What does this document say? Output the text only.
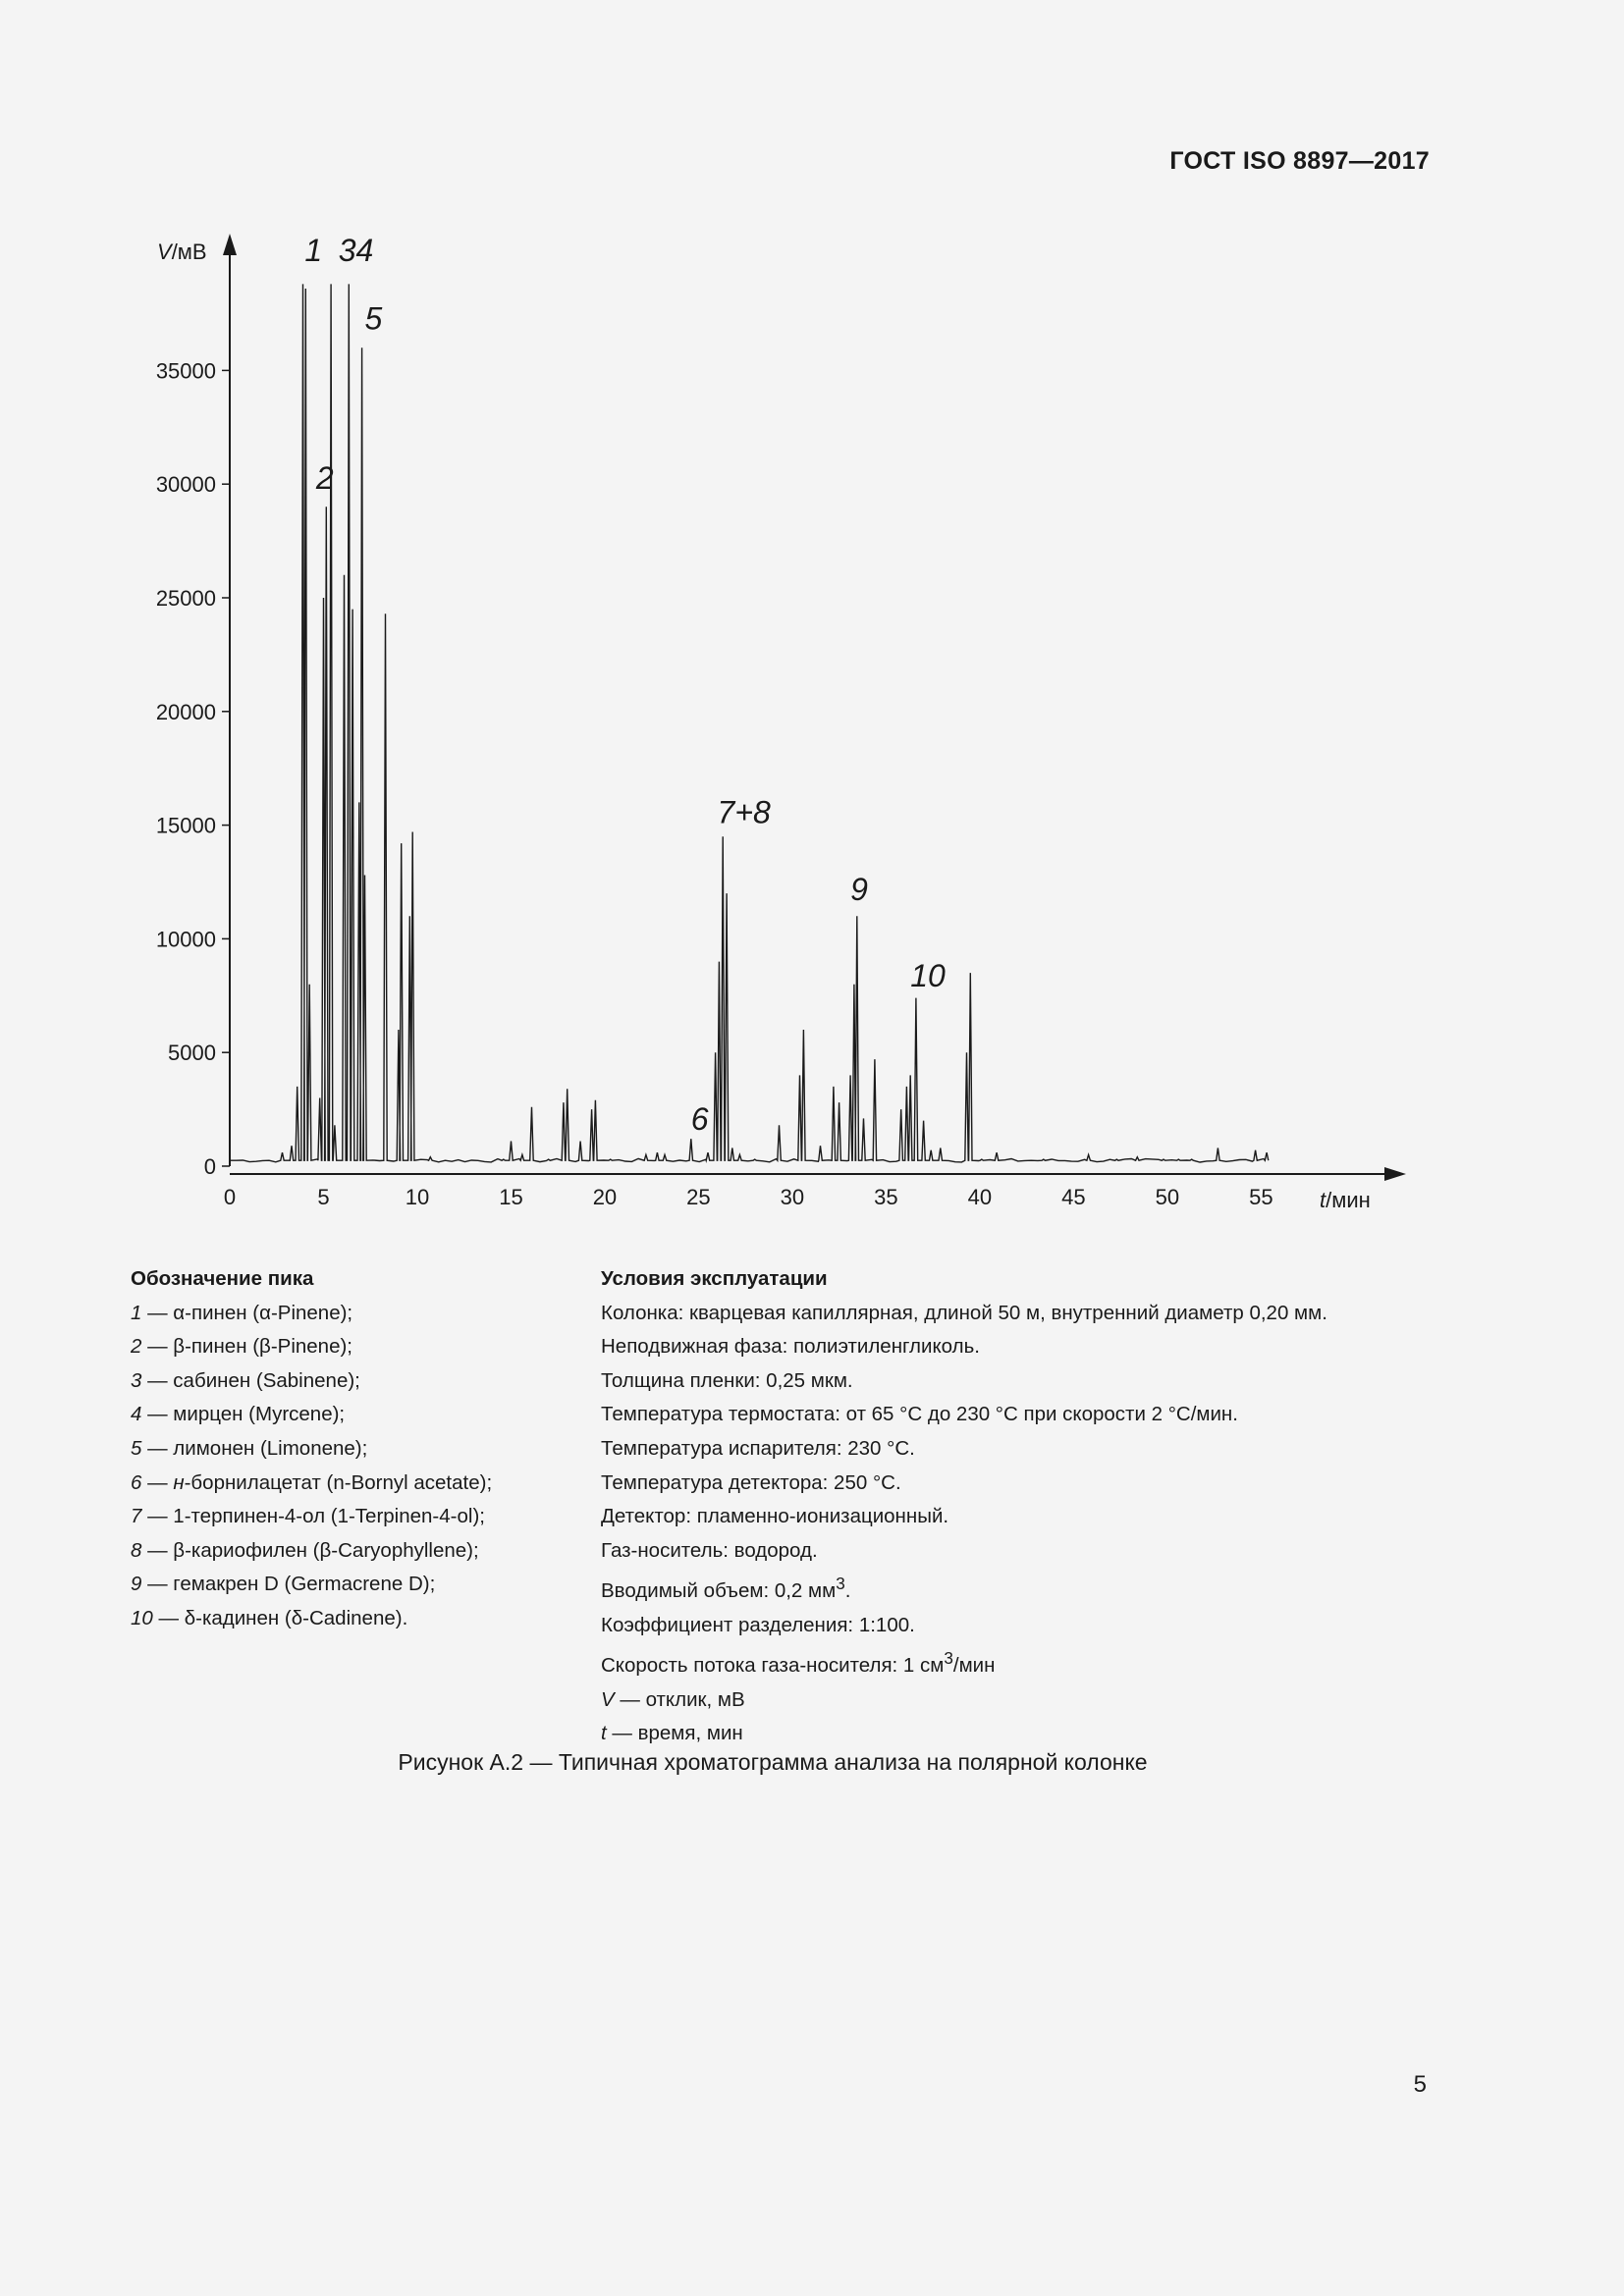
ГОСТ ISO 8897—2017
V/мВ
t/мин
0
5000
10000
15000
20000
25000
30000
35000
0	5	10	15	20	25	30	35	40	45	50	55
1 34
5
2
6
7+8
9
10
Обозначение пика
1 — α-пинен (α-Pinene);
2 — β-пинен (β-Pinene);
3 — сабинен (Sabinene);
4 — мирцен (Myrcene);
5 — лимонен (Limonene);
6 — н-борнилацетат (n-Bornyl acetate);
7 — 1-терпинен-4-ол (1-Terpinen-4-ol);
8 — β-кариофилен (β-Caryophyllene);
9 — гемакрен D (Germacrene D);
10 — δ-кадинен (δ-Cadinene).
Условия эксплуатации
Колонка: кварцевая капиллярная, длиной 50 м, внутренний диаметр 0,20 мм.
Неподвижная фаза: полиэтиленгликоль.
Толщина пленки: 0,25 мкм.
Температура термостата: от 65 °С до 230 °С при скорости 2 °С/мин.
Температура испарителя: 230 °С.
Температура детектора: 250 °С.
Детектор: пламенно-ионизационный.
Газ-носитель: водород.
Вводимый объем: 0,2 $мм^3$.
Коэффициент разделения: 1:100.
Скорость потока газа-носителя: 1 $см^3$/мин
V — отклик, мВ
t — время, мин
Рисунок А.2 — Типичная хроматограмма анализа на полярной колонке
5
